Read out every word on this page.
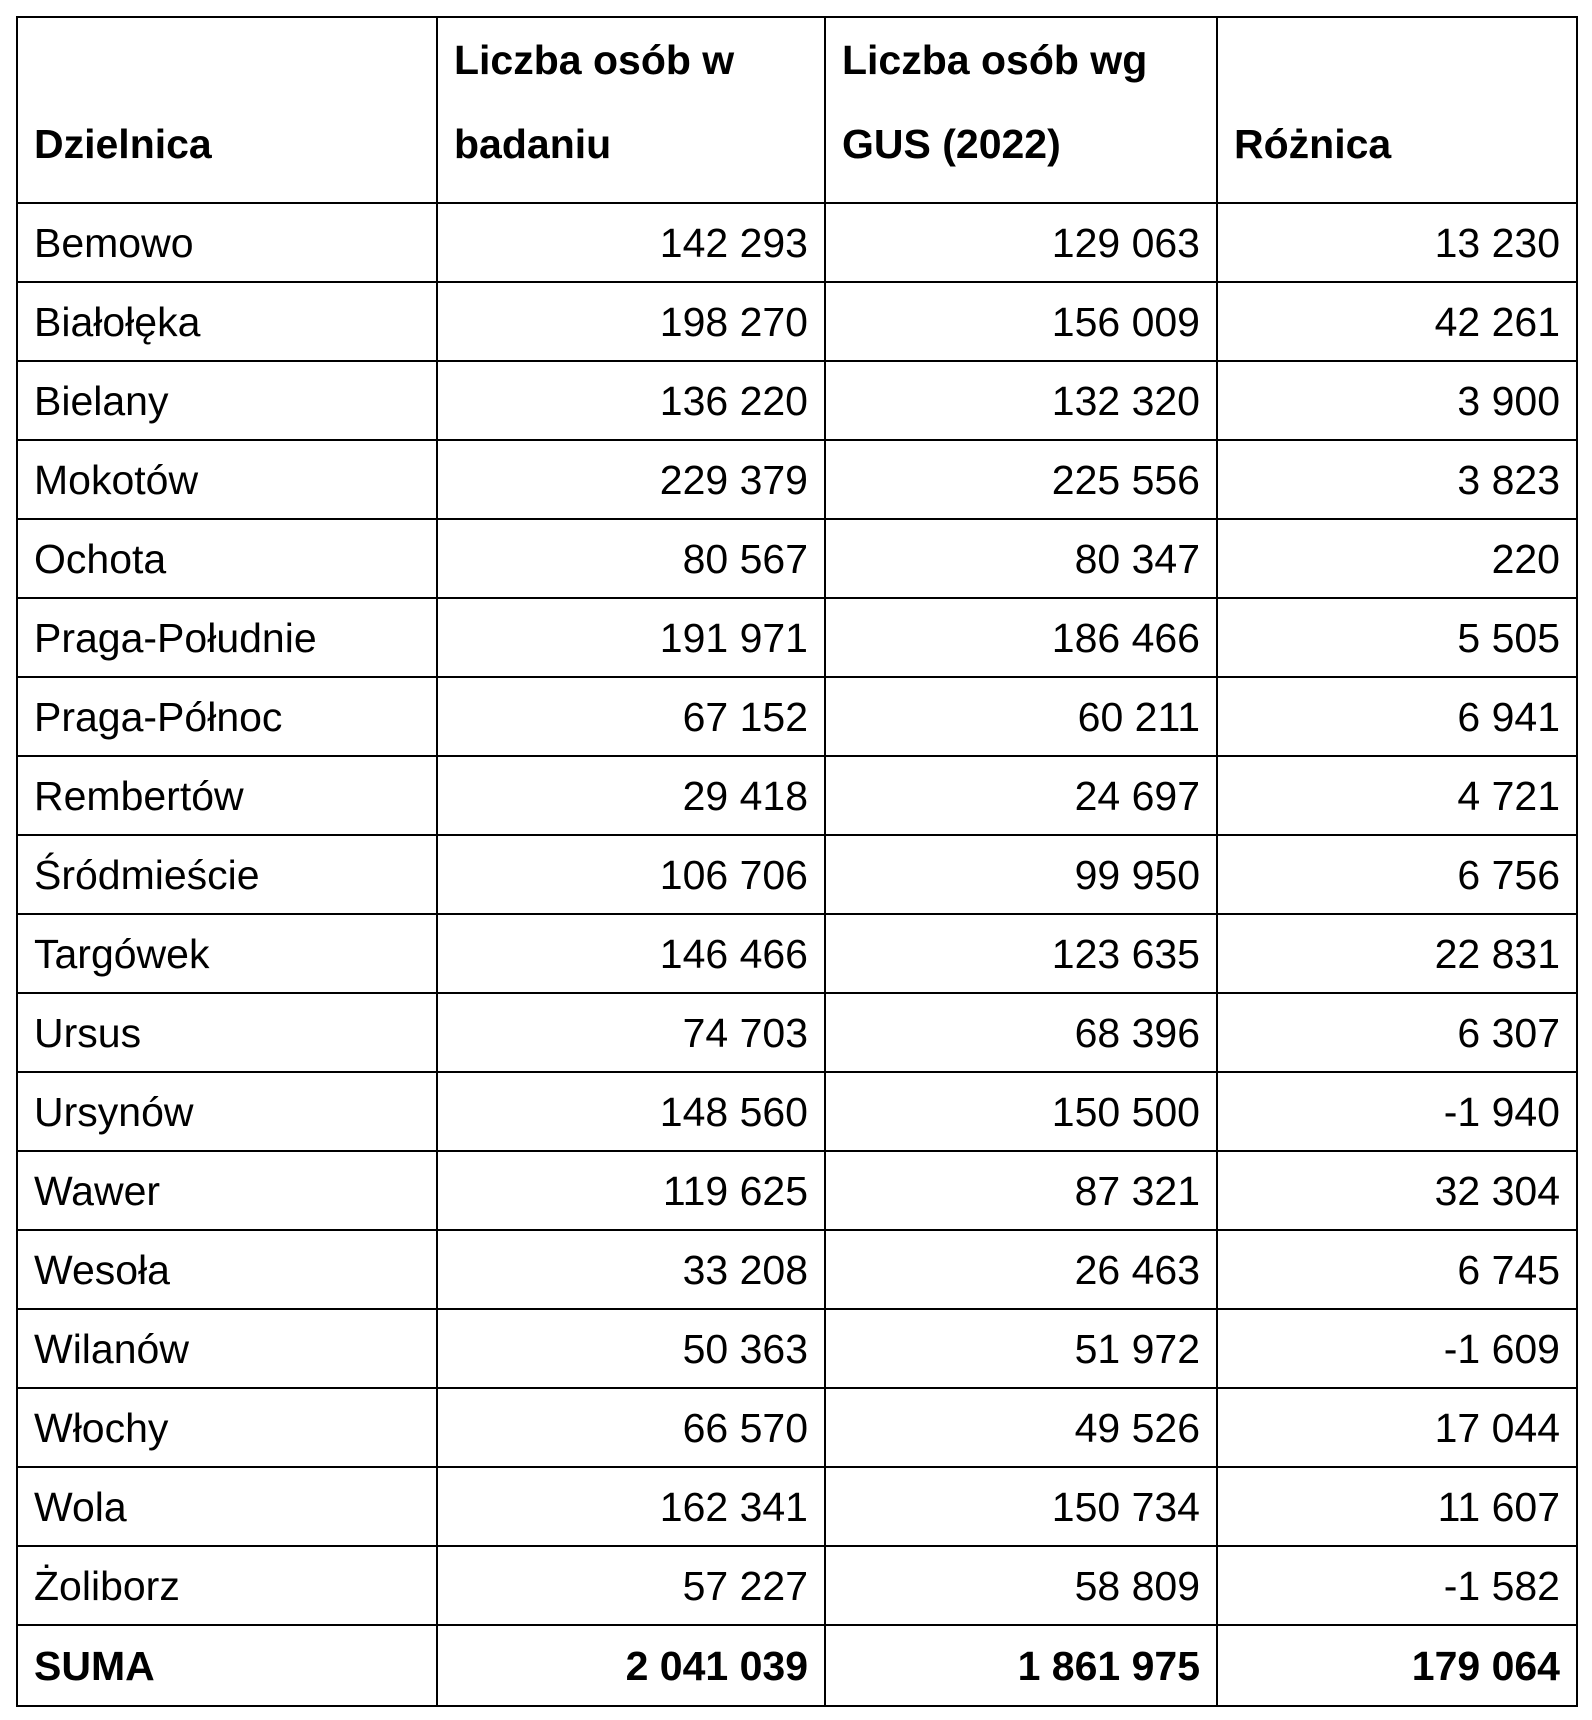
Dzielnica	Liczba osób w badaniu	Liczba osób wg GUS (2022)	Różnica

Bemowo	142 293	129 063	13 230
Białołęka	198 270	156 009	42 261
Bielany	136 220	132 320	3 900
Mokotów	229 379	225 556	3 823
Ochota	80 567	80 347	220
Praga-Południe	191 971	186 466	5 505
Praga-Północ	67 152	60 211	6 941
Rembertów	29 418	24 697	4 721
Śródmieście	106 706	99 950	6 756
Targówek	146 466	123 635	22 831
Ursus	74 703	68 396	6 307
Ursynów	148 560	150 500	-1 940
Wawer	119 625	87 321	32 304
Wesoła	33 208	26 463	6 745
Wilanów	50 363	51 972	-1 609
Włochy	66 570	49 526	17 044
Wola	162 341	150 734	11 607
Żoliborz	57 227	58 809	-1 582
SUMA	2 041 039	1 861 975	179 064
